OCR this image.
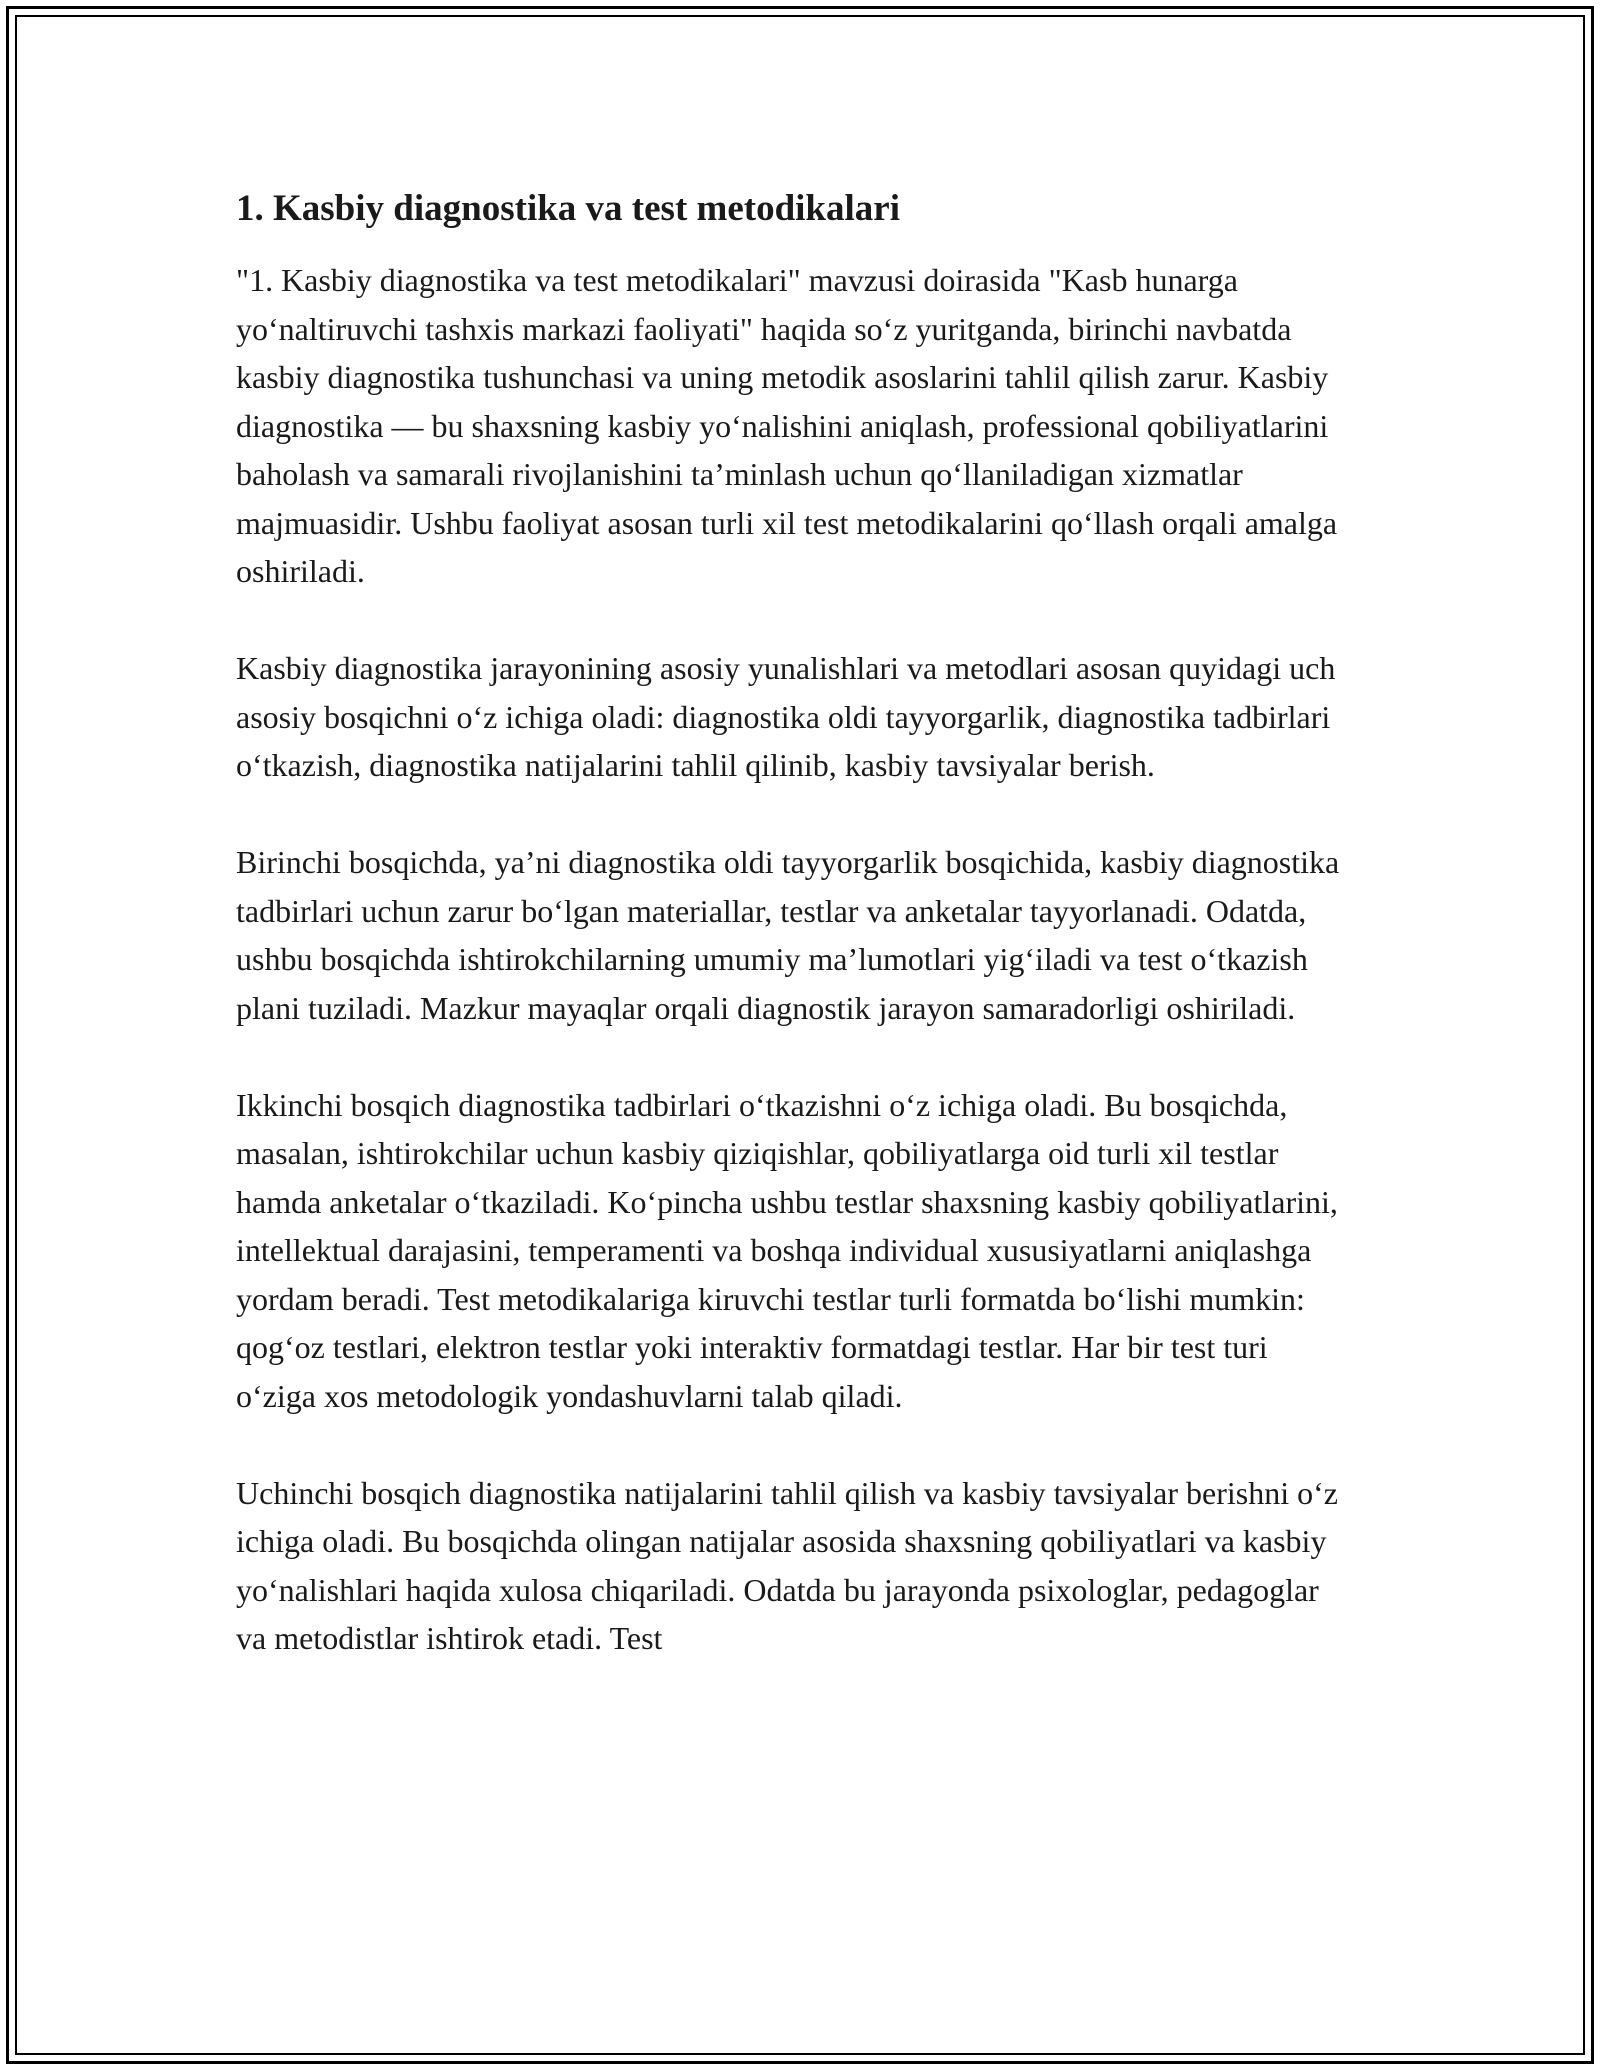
1. Kasbiy diagnostika va test metodikalari

"1. Kasbiy diagnostika va test metodikalari" mavzusi doirasida "Kasb hunarga yo‘naltiruvchi tashxis markazi faoliyati" haqida so‘z yuritganda, birinchi navbatda kasbiy diagnostika tushunchasi va uning metodik asoslarini tahlil qilish zarur. Kasbiy diagnostika — bu shaxsning kasbiy yo‘nalishini aniqlash, professional qobiliyatlarini baholash va samarali rivojlanishini ta’minlash uchun qo‘llaniladigan xizmatlar majmuasidir. Ushbu faoliyat asosan turli xil test metodikalarini qo‘llash orqali amalga oshiriladi.

Kasbiy diagnostika jarayonining asosiy yunalishlari va metodlari asosan quyidagi uch asosiy bosqichni o‘z ichiga oladi: diagnostika oldi tayyorgarlik, diagnostika tadbirlari o‘tkazish, diagnostika natijalarini tahlil qilinib, kasbiy tavsiyalar berish.

Birinchi bosqichda, ya’ni diagnostika oldi tayyorgarlik bosqichida, kasbiy diagnostika tadbirlari uchun zarur bo‘lgan materiallar, testlar va anketalar tayyorlanadi. Odatda, ushbu bosqichda ishtirokchilarning umumiy ma’lumotlari yig‘iladi va test o‘tkazish plani tuziladi. Mazkur mayaqlar orqali diagnostik jarayon samaradorligi oshiriladi.

Ikkinchi bosqich diagnostika tadbirlari o‘tkazishni o‘z ichiga oladi. Bu bosqichda, masalan, ishtirokchilar uchun kasbiy qiziqishlar, qobiliyatlarga oid turli xil testlar hamda anketalar o‘tkaziladi. Ko‘pincha ushbu testlar shaxsning kasbiy qobiliyatlarini, intellektual darajasini, temperamenti va boshqa individual xususiyatlarni aniqlashga yordam beradi. Test metodikalariga kiruvchi testlar turli formatda bo‘lishi mumkin: qog‘oz testlari, elektron testlar yoki interaktiv formatdagi testlar. Har bir test turi o‘ziga xos metodologik yondashuvlarni talab qiladi.

Uchinchi bosqich diagnostika natijalarini tahlil qilish va kasbiy tavsiyalar berishni o‘z ichiga oladi. Bu bosqichda olingan natijalar asosida shaxsning qobiliyatlari va kasbiy yo‘nalishlari haqida xulosa chiqariladi. Odatda bu jarayonda psixologlar, pedagoglar va metodistlar ishtirok etadi. Test
